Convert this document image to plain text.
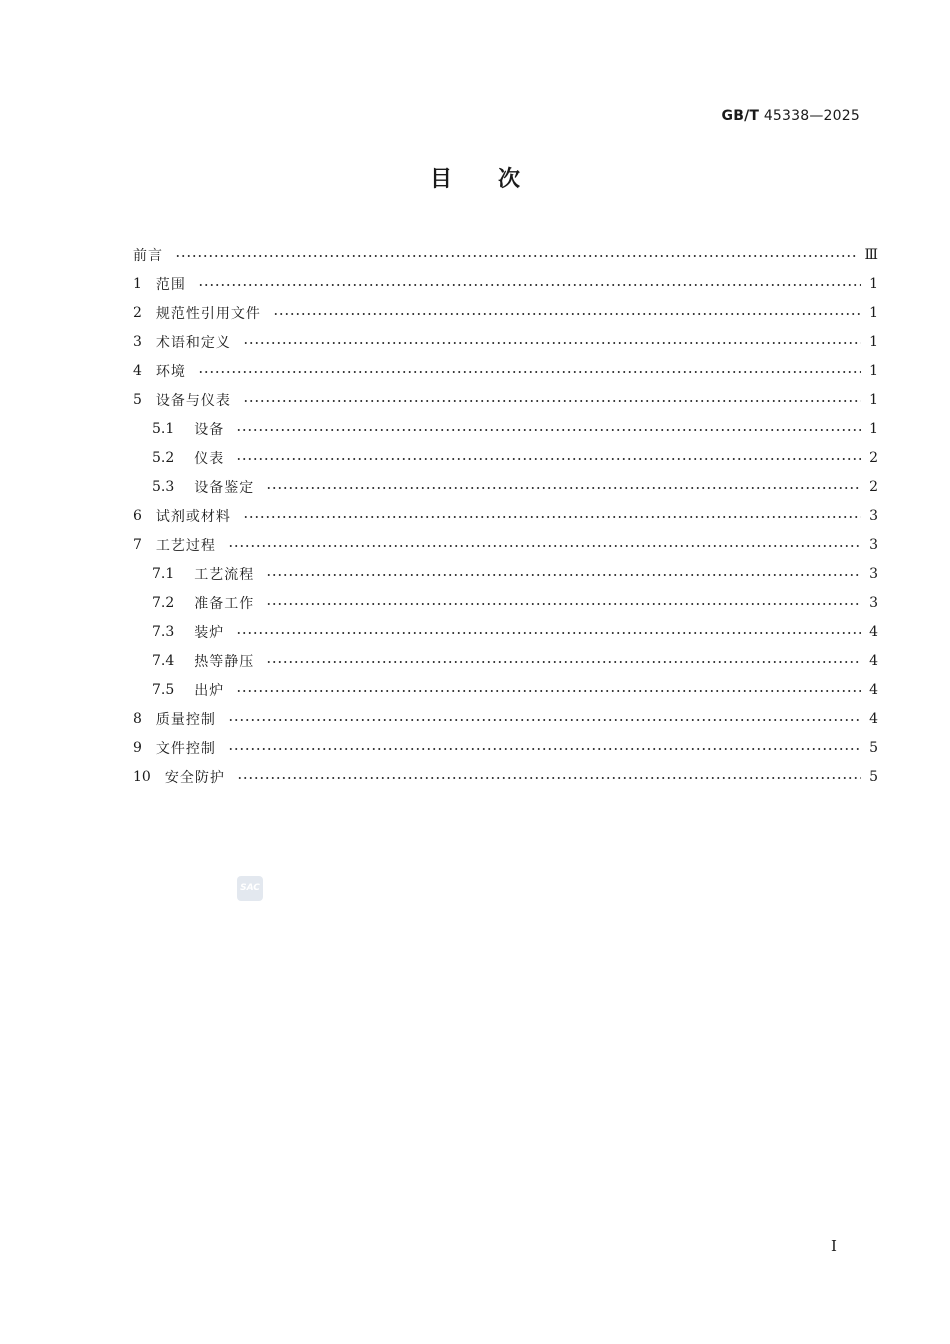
GB/T 45338—2025
目次
前言	Ⅲ
1 范围	1
2 规范性引用文件	1
3 术语和定义	1
4 环境	1
5 设备与仪表	1
5.1 设备	1
5.2 仪表	2
5.3 设备鉴定	2
6 试剂或材料	3
7 工艺过程	3
7.1 工艺流程	3
7.2 准备工作	3
7.3 装炉	4
7.4 热等静压	4
7.5 出炉	4
8 质量控制	4
9 文件控制	5
10 安全防护	5
SAC
I
